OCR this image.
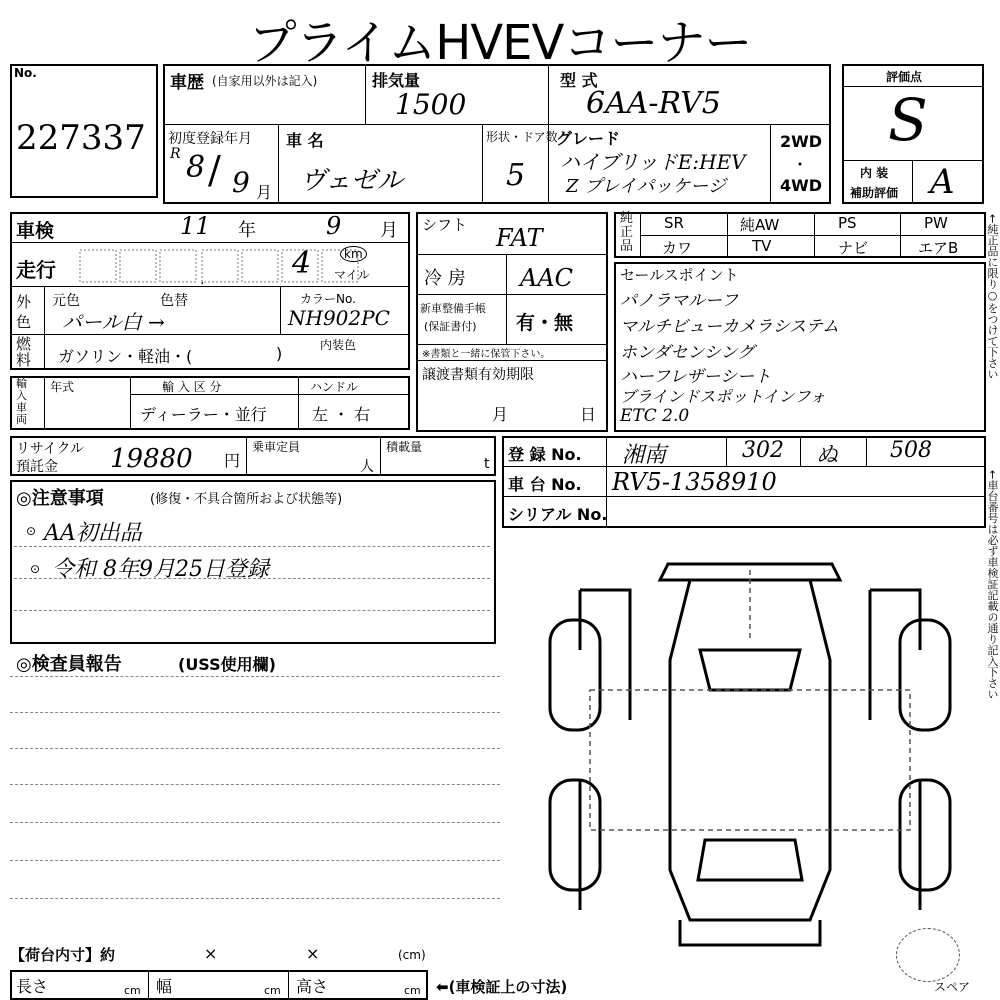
プライムHVEVコーナー
No.
227337
車歴 (自家用以外は記入)	排気量
1500
型 式
6AA-RV5
初度登録年月
R 8 / 9 月
車 名
ヴェゼル
形状・ドア数
5
グレード
ハイブリッドE:HEV
Z プレイパッケージ
2WD
・
4WD
評価点
S
内 装
補助評価 A
車検	11 年	9 月
走行	.	4	km
マイル
外色
元色	色替
パール白 →
カラーNo.
NH902PC
燃料 ガソリン・軽油・(	)	内装色
輸入車両
年式	輸 入 区 分
ディーラー・並行
ハンドル
左 ・ 右
リサイクル
預託金 19880 円
乗車定員
人
積載量
t
シフト FAT
冷 房 AAC
新車整備手帳
(保証書付) 有・無
※書類と一緒に保管下さい。
譲渡書類有効期限
月	日
純正品
SR	純AW	PS	PW
カワ	TV	ナビ	エアB
セールスポイント
パノラマルーフ
マルチビューカメラシステム
ホンダセンシング
ハーフレザーシート
ブラインドスポットインフォ
ETC 2.0
登 録 No. 湘南	302 ぬ 508
車 台 No. RV5-1358910
シリアル No.
◎注意事項	(修復・不具合箇所および状態等)
⊙ AA初出品
⊙ 令和 8年9月25日登録
◎検査員報告	(USS使用欄)
スペア
【荷台内寸】約	×	×	(cm)
長さ	cm 幅	cm 高さ	cm ⬅(車検証上の寸法)
←純正品に限り○をつけて下さい
←車台番号は必ず車検証記載の通り記入下さい
